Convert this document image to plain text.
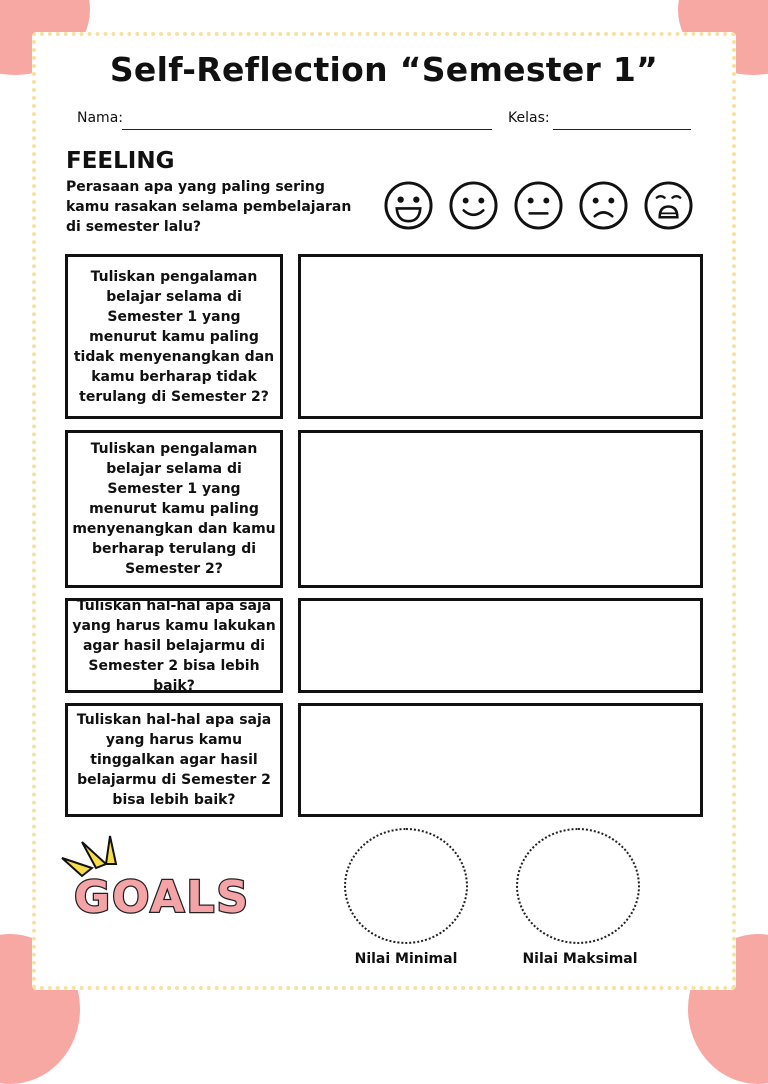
Self-Reflection “Semester 1”
Nama:	Kelas:
FEELING
Perasaan apa yang paling sering kamu rasakan selama pembelajaran di semester lalu?
Tuliskan pengalaman belajar selama di Semester 1 yang menurut kamu paling tidak menyenangkan dan kamu berharap tidak terulang di Semester 2?
Tuliskan pengalaman belajar selama di Semester 1 yang menurut kamu paling menyenangkan dan kamu berharap terulang di Semester 2?
Tuliskan hal-hal apa saja yang harus kamu lakukan agar hasil belajarmu di Semester 2 bisa lebih baik?
Tuliskan hal-hal apa saja yang harus kamu tinggalkan agar hasil belajarmu di Semester 2 bisa lebih baik?
GOALS
Nilai Minimal	Nilai Maksimal
